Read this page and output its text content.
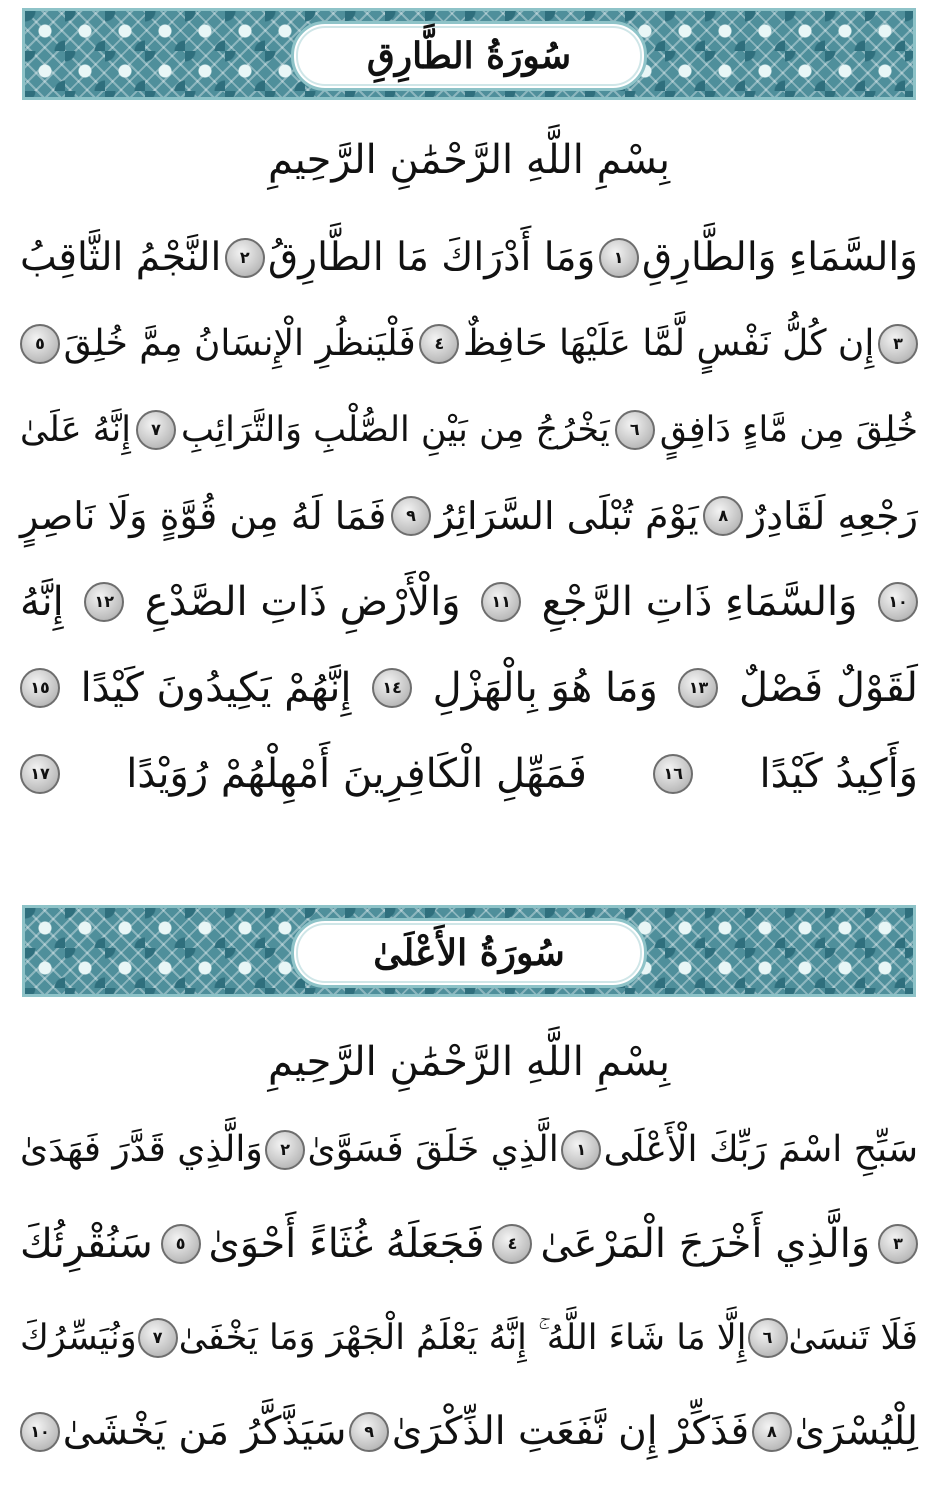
سُورَةُ الطَّارِقِ
بِسْمِ اللَّهِ الرَّحْمَٰنِ الرَّحِيمِ
وَالسَّمَاءِ وَالطَّارِقِ
١
وَمَا أَدْرَاكَ مَا الطَّارِقُ
٢
النَّجْمُ الثَّاقِبُ
٣
إِن كُلُّ نَفْسٍ لَّمَّا عَلَيْهَا حَافِظٌ
٤
فَلْيَنظُرِ الْإِنسَانُ مِمَّ خُلِقَ
٥
خُلِقَ مِن مَّاءٍ دَافِقٍ
٦
يَخْرُجُ مِن بَيْنِ الصُّلْبِ وَالتَّرَائِبِ
٧
إِنَّهُ عَلَىٰ
رَجْعِهِ لَقَادِرٌ
٨
يَوْمَ تُبْلَى السَّرَائِرُ
٩
فَمَا لَهُ مِن قُوَّةٍ وَلَا نَاصِرٍ
١٠
وَالسَّمَاءِ ذَاتِ الرَّجْعِ
١١
وَالْأَرْضِ ذَاتِ الصَّدْعِ
١٢
إِنَّهُ
لَقَوْلٌ فَصْلٌ
١٣
وَمَا هُوَ بِالْهَزْلِ
١٤
إِنَّهُمْ يَكِيدُونَ كَيْدًا
١٥
وَأَكِيدُ كَيْدًا
١٦
فَمَهِّلِ الْكَافِرِينَ أَمْهِلْهُمْ رُوَيْدًا
١٧
سُورَةُ الأَعْلَىٰ
بِسْمِ اللَّهِ الرَّحْمَٰنِ الرَّحِيمِ
سَبِّحِ اسْمَ رَبِّكَ الْأَعْلَى
١
الَّذِي خَلَقَ فَسَوَّىٰ
٢
وَالَّذِي قَدَّرَ فَهَدَىٰ
٣
وَالَّذِي أَخْرَجَ الْمَرْعَىٰ
٤
فَجَعَلَهُ غُثَاءً أَحْوَىٰ
٥
سَنُقْرِئُكَ
فَلَا تَنسَىٰ
٦
إِلَّا مَا شَاءَ اللَّهُ ۚ إِنَّهُ يَعْلَمُ الْجَهْرَ وَمَا يَخْفَىٰ
٧
وَنُيَسِّرُكَ
لِلْيُسْرَىٰ
٨
فَذَكِّرْ إِن نَّفَعَتِ الذِّكْرَىٰ
٩
سَيَذَّكَّرُ مَن يَخْشَىٰ
١٠
